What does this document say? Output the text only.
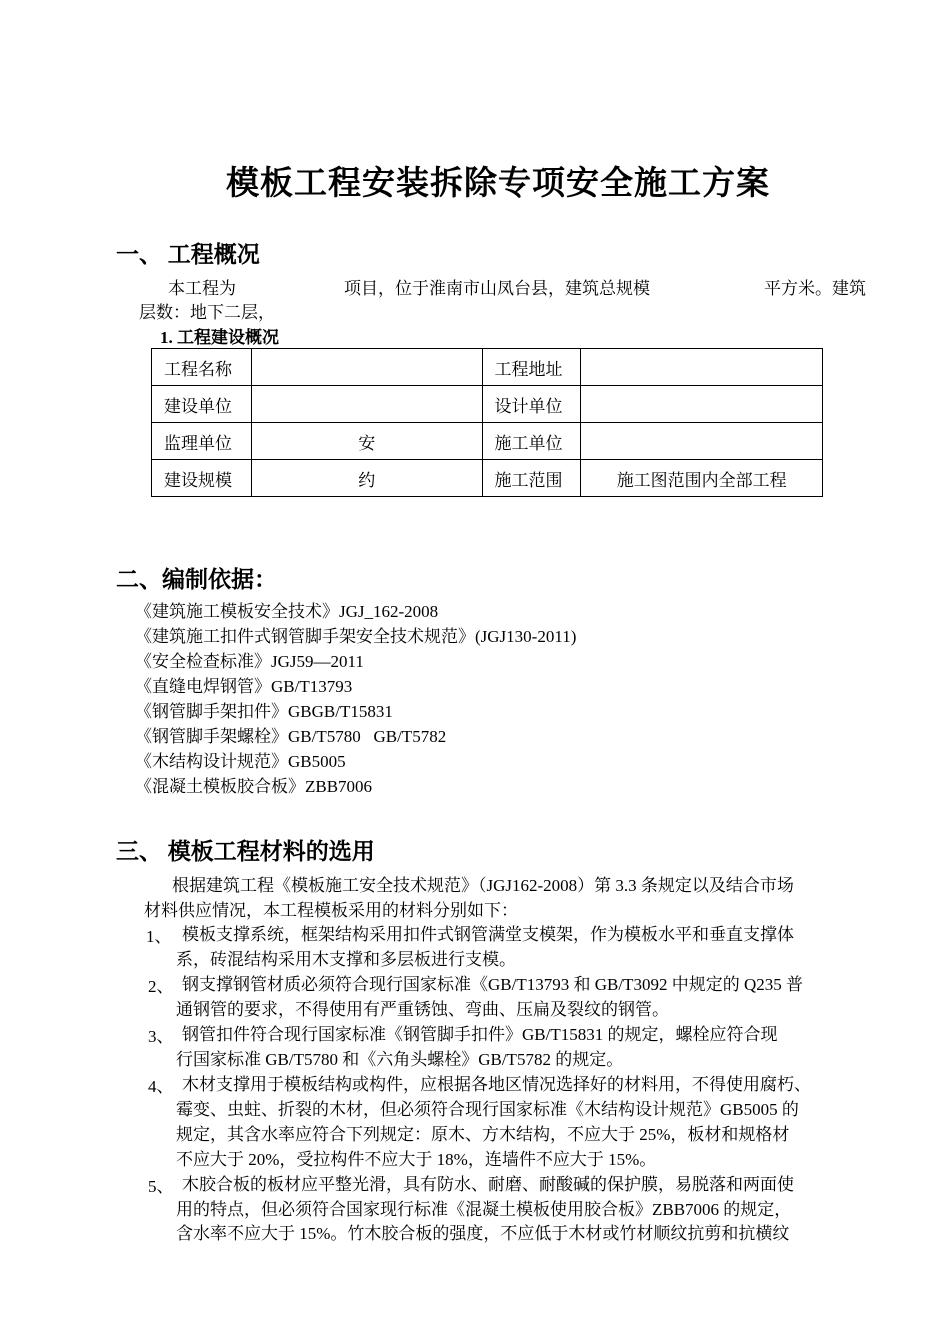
模板工程安装拆除专项安全施工方案
一、 工程概况
本工程为	项目，位于淮南市山凤台县，建筑总规模	平方米。建筑
层数：地下二层，
1. 工程建设概况
工程名称		工程地址	
建设单位		设计单位	
监理单位	安	施工单位	
建设规模	约	施工范围	施工图范围内全部工程
二、编制依据：
《建筑施工模板安全技术》JGJ_162-2008
《建筑施工扣件式钢管脚手架安全技术规范》(JGJ130-2011)
《安全检查标准》JGJ59—2011
《直缝电焊钢管》GB/T13793
《钢管脚手架扣件》GBGB/T15831
《钢管脚手架螺栓》GB/T5780   GB/T5782
《木结构设计规范》GB5005
《混凝土模板胶合板》ZBB7006
三、 模板工程材料的选用
根据建筑工程《模板施工安全技术规范》（JGJ162-2008）第 3.3 条规定以及结合市场
材料供应情况，本工程模板采用的材料分别如下：
1、 模板支撑系统，框架结构采用扣件式钢管满堂支模架，作为模板水平和垂直支撑体
系，砖混结构采用木支撑和多层板进行支模。
2、 钢支撑钢管材质必须符合现行国家标准《GB/T13793 和 GB/T3092 中规定的 Q235 普
通钢管的要求，不得使用有严重锈蚀、弯曲、压扁及裂纹的钢管。
3、 钢管扣件符合现行国家标准《钢管脚手扣件》GB/T15831 的规定，螺栓应符合现
行国家标准 GB/T5780 和《六角头螺栓》GB/T5782 的规定。
4、 木材支撑用于模板结构或构件，应根据各地区情况选择好的材料用，不得使用腐朽、
霉变、虫蛀、折裂的木材，但必须符合现行国家标准《木结构设计规范》GB5005 的
规定，其含水率应符合下列规定：原木、方木结构，不应大于 25%，板材和规格材
不应大于 20%，受拉构件不应大于 18%，连墙件不应大于 15%。
5、 木胶合板的板材应平整光滑，具有防水、耐磨、耐酸碱的保护膜，易脱落和两面使
用的特点，但必须符合国家现行标准《混凝土模板使用胶合板》ZBB7006 的规定，
含水率不应大于 15%。竹木胶合板的强度，不应低于木材或竹材顺纹抗剪和抗横纹
